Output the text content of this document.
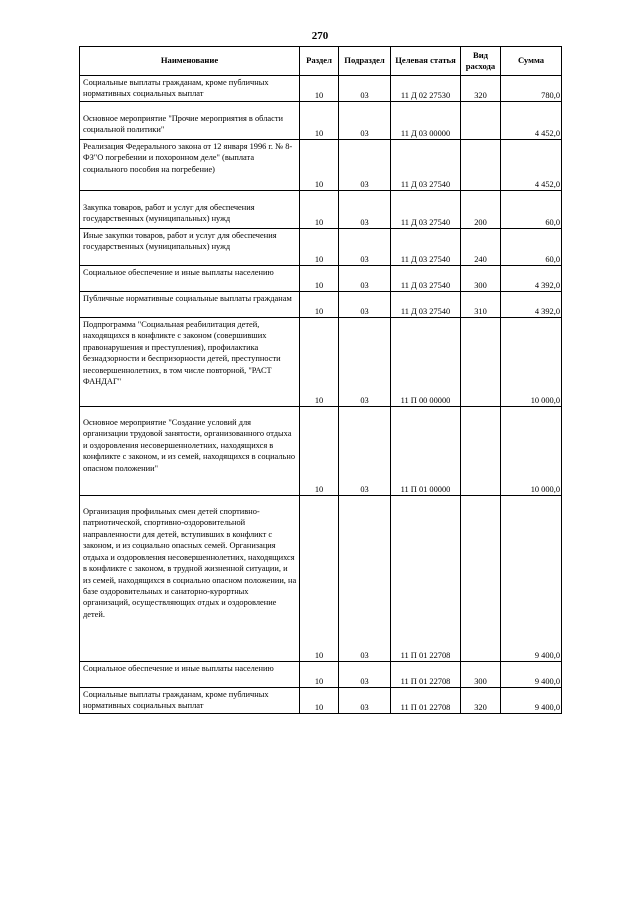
270
Наименование	Раздел	Подраздел	Целевая статья	Вид расхода	Сумма
Социальные выплаты гражданам, кроме публичных нормативных социальных выплат	10	03	11 Д 02 27530	320	780,0
Основное мероприятие "Прочие мероприятия в области социальной политики"	10	03	11 Д 03 00000		4 452,0
Реализация Федерального закона от 12 января 1996 г. № 8-ФЗ"О погребении и похоронном деле" (выплата социального пособия на погребение)	10	03	11 Д 03 27540		4 452,0
Закупка товаров, работ и услуг для обеспечения государственных (муниципальных) нужд	10	03	11 Д 03 27540	200	60,0
Иные закупки товаров, работ и услуг для обеспечения государственных (муниципальных) нужд	10	03	11 Д 03 27540	240	60,0
Социальное обеспечение и иные выплаты населению	10	03	11 Д 03 27540	300	4 392,0
Публичные нормативные социальные выплаты гражданам	10	03	11 Д 03 27540	310	4 392,0
Подпрограмма "Социальная реабилитация детей, находящихся в конфликте с законом (совершивших правонарушения и преступления), профилактика безнадзорности и беспризорности детей, преступности несовершеннолетних, в том числе повторной, "РАСТ ФАНДАГ"	10	03	11 П 00 00000		10 000,0
Основное мероприятие "Создание условий для организации трудовой занятости, организованного отдыха и оздоровления несовершеннолетних, находящихся в конфликте с законом, и из семей, находящихся в социально опасном положении"	10	03	11 П 01 00000		10 000,0
Организация профильных смен детей спортивно-патриотической, спортивно-оздоровительной направленности для детей, вступивших в конфликт с законом, и из социально опасных семей. Организация отдыха и оздоровления несовершеннолетних, находящихся в конфликте с законом, в трудной жизненной ситуации, и из семей, находящихся в социально опасном положении, на базе оздоровительных и санаторно-курортных организаций, осуществляющих отдых и оздоровление детей.	10	03	11 П 01 22708		9 400,0
Социальное обеспечение и иные выплаты населению	10	03	11 П 01 22708	300	9 400,0
Социальные выплаты гражданам, кроме публичных нормативных социальных выплат	10	03	11 П 01 22708	320	9 400,0
